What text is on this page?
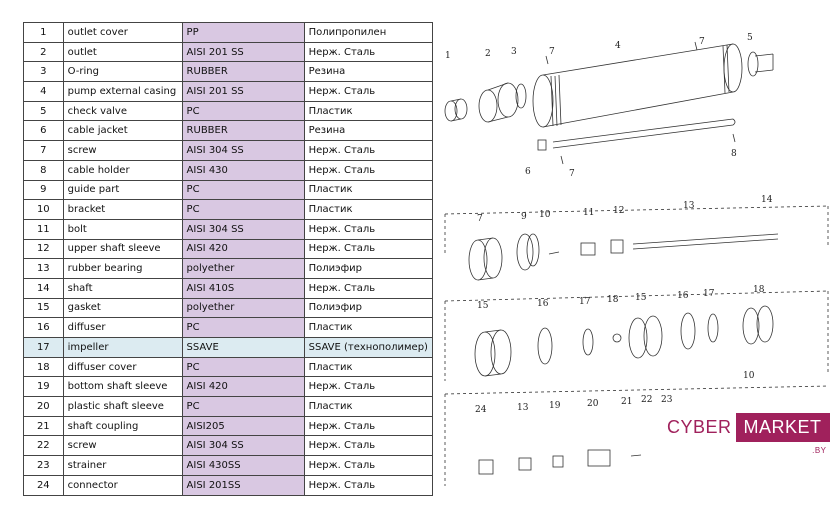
1	outlet cover	PP	Полипропилен
2	outlet	AISI 201 SS	Нерж. Сталь
3	O-ring	RUBBER	Резина
4	pump external casing	AISI 201 SS	Нерж. Сталь
5	check valve	PC	Пластик
6	cable jacket	RUBBER	Резина
7	screw	AISI 304 SS	Нерж. Сталь
8	cable holder	AISI 430	Нерж. Сталь
9	guide part	PC	Пластик
10	bracket	PC	Пластик
11	bolt	AISI 304 SS	Нерж. Сталь
12	upper shaft sleeve	AISI 420	Нерж. Сталь
13	rubber bearing	polyether	Полиэфир
14	shaft	AISI 410S	Нерж. Сталь
15	gasket	polyether	Полиэфир
16	diffuser	PC	Пластик
17	impeller	SSAVE	SSAVE (технополимер)
18	diffuser cover	PC	Пластик
19	bottom shaft sleeve	AISI 420	Нерж. Сталь
20	plastic shaft sleeve	PC	Пластик
21	shaft coupling	AISI205	Нерж. Сталь
22	screw	AISI 304 SS	Нерж. Сталь
23	strainer	AISI 430SS	Нерж. Сталь
24	connector	AISI 201SS	Нерж. Сталь
1	2 3	7
4	7	5
6	7
8
7	9 10	11 12	13
14
15	16	17 18 15	16 17	18
10
24	13 19	20	21 22 23
CYBER MARKET
.BY
